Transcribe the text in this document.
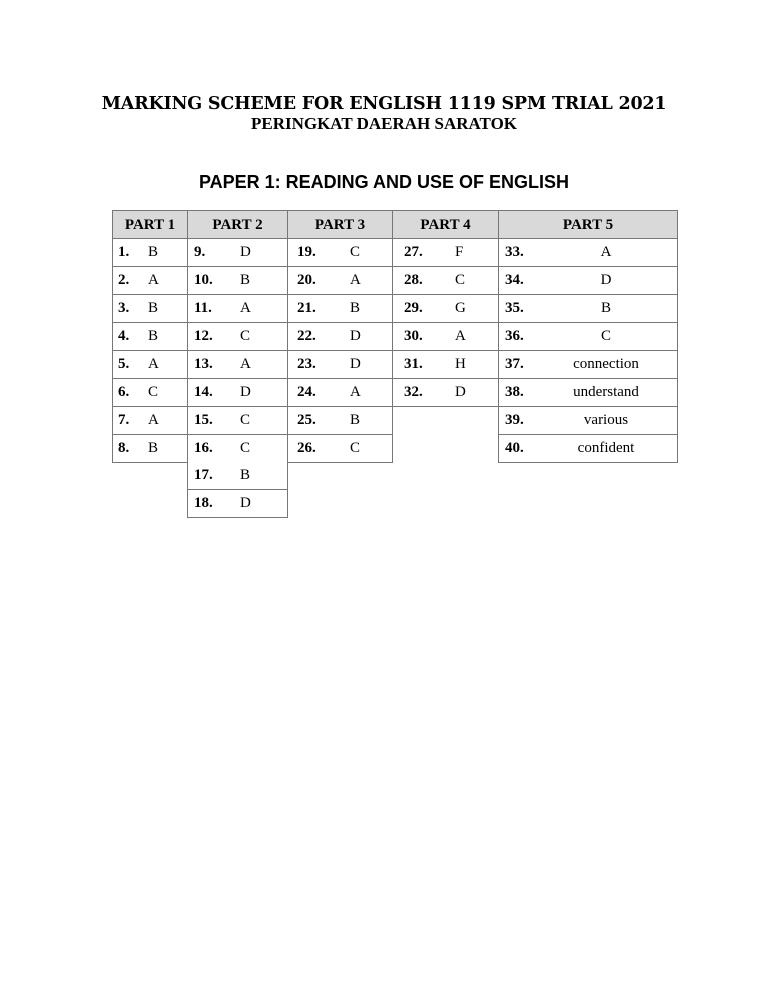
MARKING SCHEME FOR ENGLISH 1119 SPM TRIAL 2021
PERINGKAT DAERAH SARATOK
PAPER 1: READING AND USE OF ENGLISH
PART 1
1. B
2. A
3. B
4. B
5. A
6. C
7. A
8. B
PART 2
9. D
10. B
11. A
12. C
13. A
14. D
15. C
16. C
17. B
18. D
PART 3
19. C
20. A
21. B
22. D
23. D
24. A
25. B
26. C
PART 4
27. F
28. C
29. G
30. A
31. H
32. D
PART 5
33.	A
34.	D
35.	B
36.	C
37.	connection
38.	understand
39.	various
40.	confident
